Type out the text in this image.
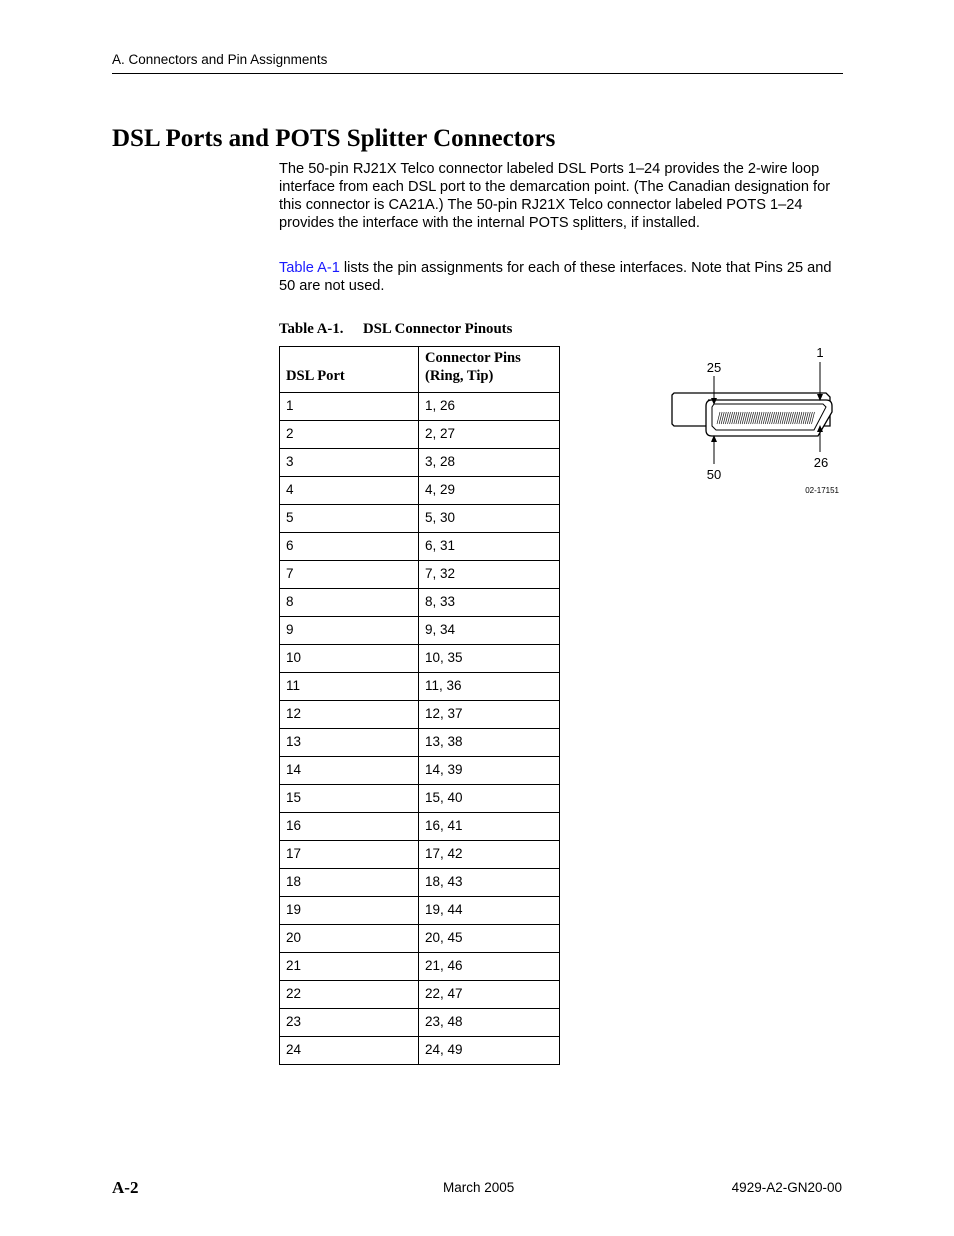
A. Connectors and Pin Assignments
DSL Ports and POTS Splitter Connectors

The 50-pin RJ21X Telco connector labeled DSL Ports 1–24 provides the 2-wire loop interface from each DSL port to the demarcation point. (The Canadian designation for this connector is CA21A.) The 50-pin RJ21X Telco connector labeled POTS 1–24 provides the interface with the internal POTS splitters, if installed.

Table A-1 lists the pin assignments for each of these interfaces. Note that Pins 25 and 50 are not used.

Table A-1. DSL Connector Pinouts
DSL Port	Connector Pins
(Ring, Tip)
1	1, 26
2	2, 27
3	3, 28
4	4, 29
5	5, 30
6	6, 31
7	7, 32
8	8, 33
9	9, 34
10	10, 35
11	11, 36
12	12, 37
13	13, 38
14	14, 39
15	15, 40
16	16, 41
17	17, 42
18	18, 43
19	19, 44
20	20, 45
21	21, 46
22	22, 47
23	23, 48
24	24, 49
1
25
50
26
02-17151
A-2	March 2005	4929-A2-GN20-00
